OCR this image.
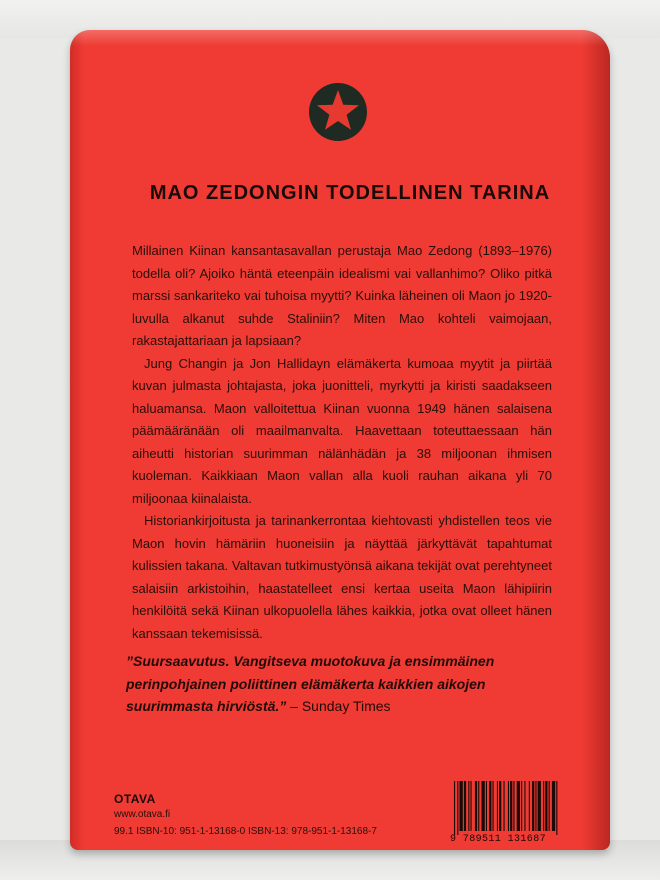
MAO ZEDONGIN TODELLINEN TARINA

Millainen Kiinan kansantasavallan perustaja Mao Zedong (1893–1976) todella oli? Ajoiko häntä eteenpäin idealismi vai vallanhimo? Oliko pitkä marssi sankariteko vai tuhoisa myytti? Kuinka läheinen oli Maon jo 1920-luvulla alkanut suhde Staliniin? Miten Mao kohteli vaimojaan, rakastajattariaan ja lapsiaan?

Jung Changin ja Jon Hallidayn elämäkerta kumoaa myytit ja piirtää kuvan julmasta johtajasta, joka juonitteli, myrkytti ja kiristi saadakseen haluamansa. Maon valloitettua Kiinan vuonna 1949 hänen salaisena päämääränään oli maailmanvalta. Haavettaan toteuttaessaan hän aiheutti historian suurimman nälänhädän ja 38 miljoonan ihmisen kuoleman. Kaikkiaan Maon vallan alla kuoli rauhan aikana yli 70 miljoonaa kiinalaista.

Historiankirjoitusta ja tarinankerrontaa kiehtovasti yhdistellen teos vie Maon hovin hämäriin huoneisiin ja näyttää järkyttävät tapahtumat kulissien takana. Valtavan tutkimustyönsä aikana tekijät ovat perehtyneet salaisiin arkistoihin, haastatelleet ensi kertaa useita Maon lähipiirin henkilöitä sekä Kiinan ulkopuolella lähes kaikkia, jotka ovat olleet hänen kanssaan tekemisissä.

”Suursaavutus. Vangitseva muotokuva ja ensimmäinen perinpohjainen poliittinen elämäkerta kaikkien aikojen suurimmasta hirviöstä.” – Sunday Times
OTAVA
www.otava.fi
99.1 ISBN-10: 951-1-13168-0 ISBN-13: 978-951-1-13168-7
9 789511 131687
